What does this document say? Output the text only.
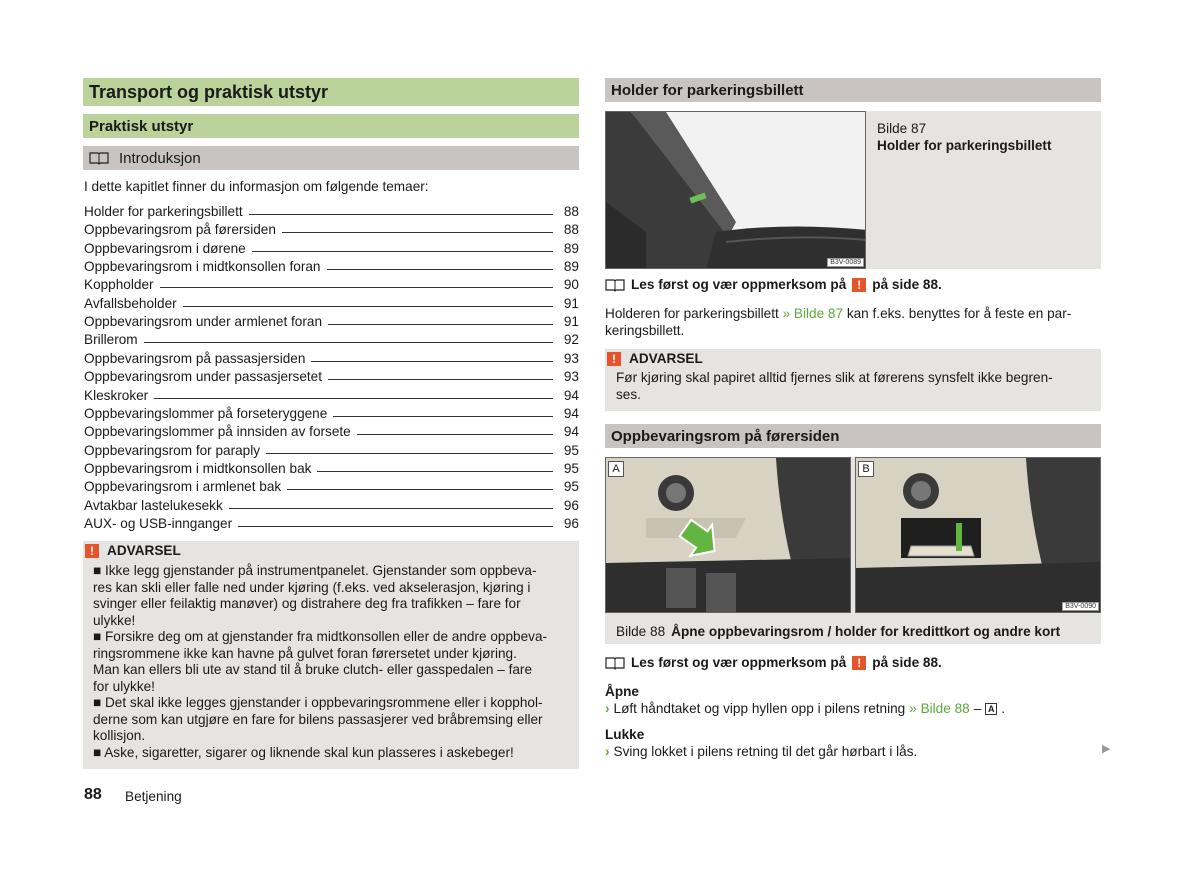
Transport og praktisk utstyr
Praktisk utstyr
Introduksjon
I dette kapitlet finner du informasjon om følgende temaer:
Holder for parkeringsbillett	88
Oppbevaringsrom på førersiden	88
Oppbevaringsrom i dørene	89
Oppbevaringsrom i midtkonsollen foran	89
Koppholder	90
Avfallsbeholder	91
Oppbevaringsrom under armlenet foran	91
Brillerom	92
Oppbevaringsrom på passasjersiden	93
Oppbevaringsrom under passasjersetet	93
Kleskroker	94
Oppbevaringslommer på forseteryggene	94
Oppbevaringslommer på innsiden av forsete	94
Oppbevaringsrom for paraply	95
Oppbevaringsrom i midtkonsollen bak	95
Oppbevaringsrom i armlenet bak	95
Avtakbar lastelukesekk	96
AUX- og USB-innganger	96
! ADVARSEL
■ Ikke legg gjenstander på instrumentpanelet. Gjenstander som oppbeva-
res kan skli eller falle ned under kjøring (f.eks. ved akselerasjon, kjøring i
svinger eller feilaktig manøver) og distrahere deg fra trafikken – fare for
ulykke!
■ Forsikre deg om at gjenstander fra midtkonsollen eller de andre oppbeva-
ringsrommene ikke kan havne på gulvet foran førersetet under kjøring.
Man kan ellers bli ute av stand til å bruke clutch- eller gasspedalen – fare
for ulykke!
■ Det skal ikke legges gjenstander i oppbevaringsrommene eller i kopphol-
derne som kan utgjøre en fare for bilens passasjerer ved bråbremsing eller
kollisjon.
■ Aske, sigaretter, sigarer og liknende skal kun plasseres i askebeger!
88 Betjening
Holder for parkeringsbillett
B3V-0089
Bilde 87
Holder for parkeringsbillett
Les først og vær oppmerksom på ! på side 88.
Holderen for parkeringsbillett » Bilde 87 kan f.eks. benyttes for å feste en par-
keringsbillett.
! ADVARSEL
Før kjøring skal papiret alltid fjernes slik at førerens synsfelt ikke begren-
ses.
Oppbevaringsrom på førersiden
A	B
B3V-0090
Bilde 88 Åpne oppbevaringsrom / holder for kredittkort og andre kort
Les først og vær oppmerksom på ! på side 88.
Åpne
› Løft håndtaket og vipp hyllen opp i pilens retning » Bilde 88 – A .
Lukke
› Sving lokket i pilens retning til det går hørbart i lås.	▶
